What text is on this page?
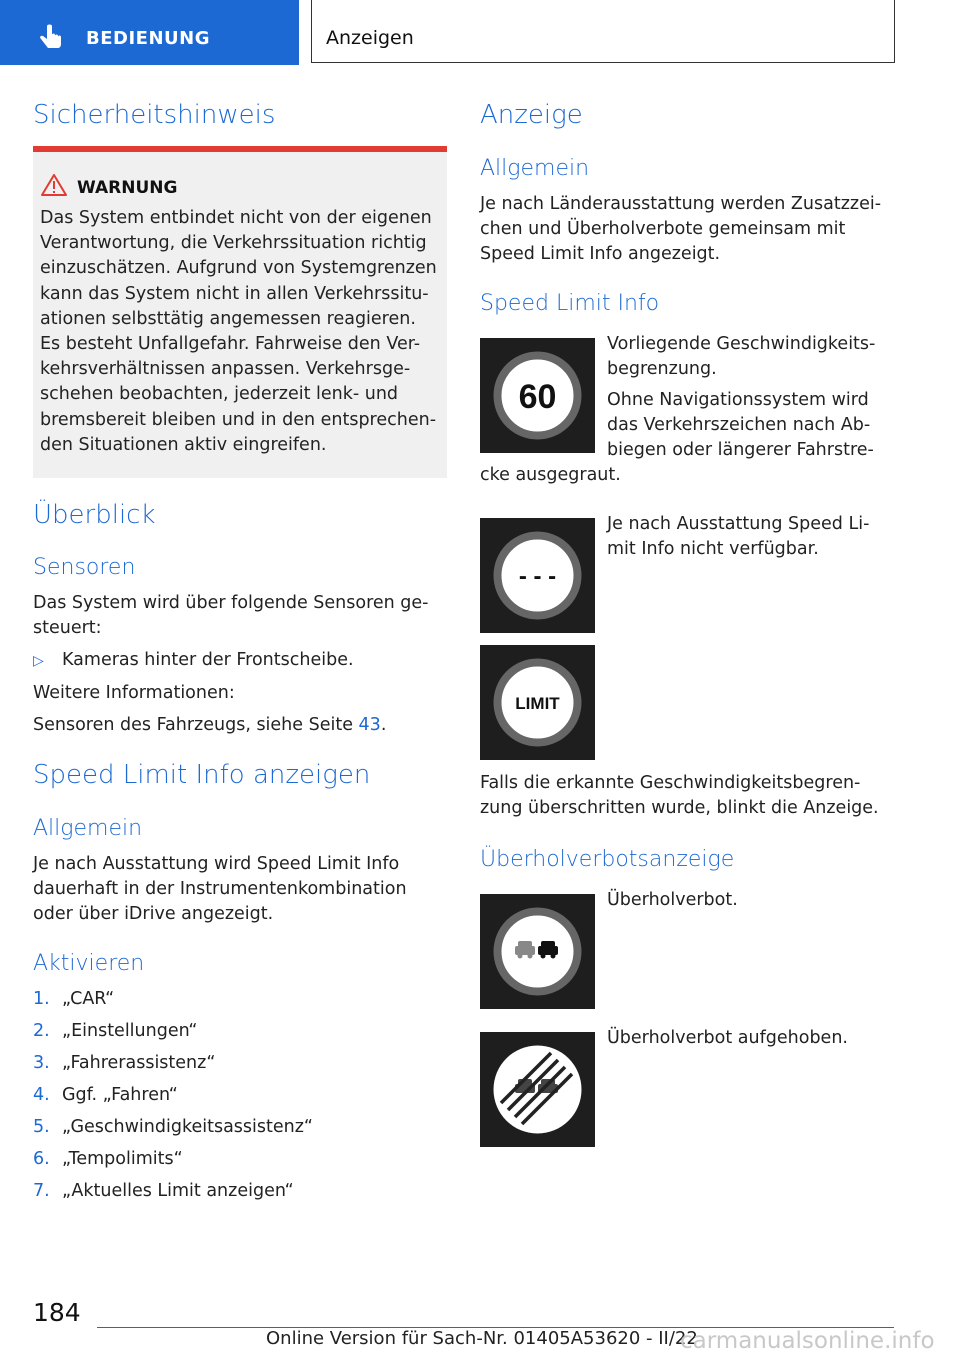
BEDIENUNG	Anzeigen
Sicherheitshinweis
WARNUNG
Das System entbindet nicht von der eigenen
Verantwortung, die Verkehrssituation richtig
einzuschätzen. Aufgrund von Systemgrenzen
kann das System nicht in allen Verkehrssitu-
ationen selbsttätig angemessen reagieren.
Es besteht Unfallgefahr. Fahrweise den Ver-
kehrsverhältnissen anpassen. Verkehrsge-
schehen beobachten, jederzeit lenk- und
bremsbereit bleiben und in den entsprechen-
den Situationen aktiv eingreifen.
Überblick
Sensoren
Das System wird über folgende Sensoren ge-
steuert:
▷ Kameras hinter der Frontscheibe.
Weitere Informationen:
Sensoren des Fahrzeugs, siehe Seite 43.
Speed Limit Info anzeigen
Allgemein
Je nach Ausstattung wird Speed Limit Info
dauerhaft in der Instrumentenkombination
oder über iDrive angezeigt.
Aktivieren
1. „CAR“
2. „Einstellungen“
3. „Fahrerassistenz“
4. Ggf. „Fahren“
5. „Geschwindigkeitsassistenz“
6. „Tempolimits“
7. „Aktuelles Limit anzeigen“
Anzeige
Allgemein
Je nach Länderausstattung werden Zusatzzei-
chen und Überholverbote gemeinsam mit
Speed Limit Info angezeigt.
Speed Limit Info
60
Vorliegende Geschwindigkeits-
begrenzung.
Ohne Navigationssystem wird
das Verkehrszeichen nach Ab-
biegen oder längerer Fahrstre-
cke ausgegraut.
- - -
Je nach Ausstattung Speed Li-
mit Info nicht verfügbar.
LIMIT
Falls die erkannte Geschwindigkeitsbegren-
zung überschritten wurde, blinkt die Anzeige.
Überholverbotsanzeige
Überholverbot.
Überholverbot aufgehoben.
184
Online Version für Sach-Nr. 01405A53620 - II/22
carmanualsonline.info
